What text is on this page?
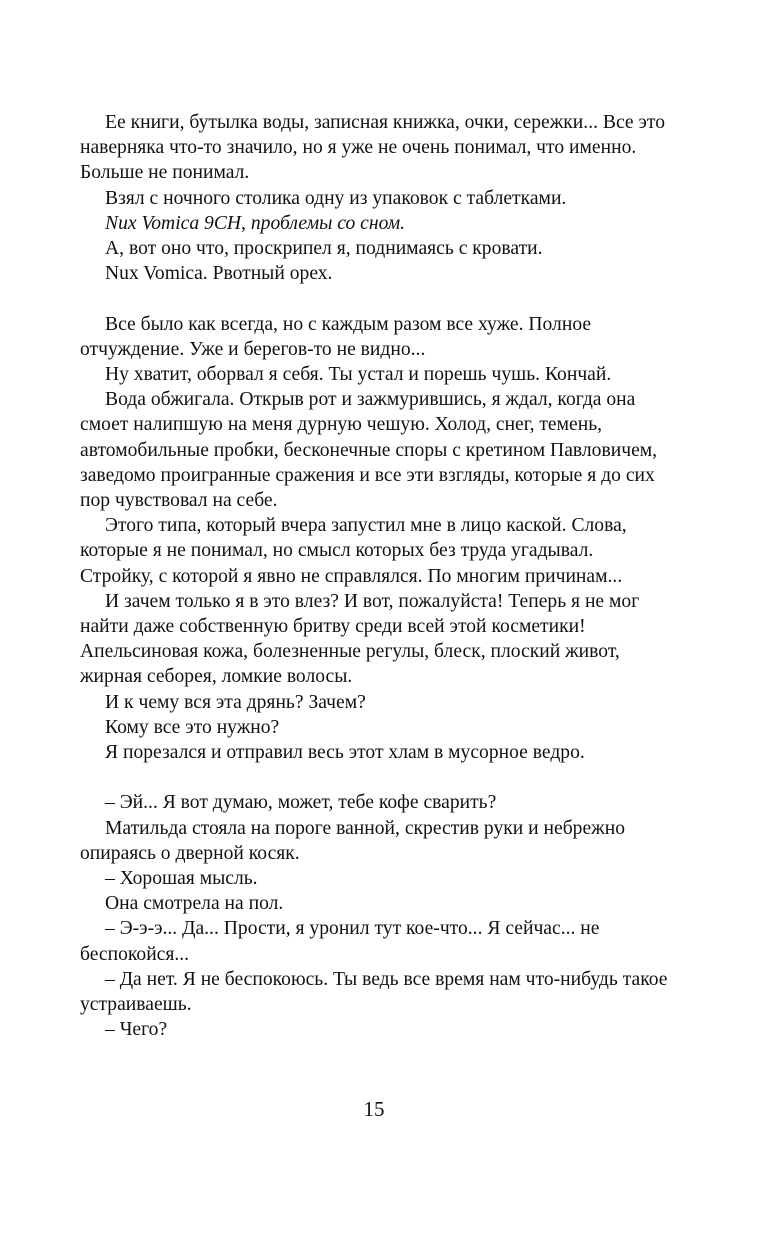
Ее книги, бутылка воды, записная книжка, очки, сережки... Все это наверняка что-то значило, но я уже не очень понимал, что именно. Больше не понимал.

Взял с ночного столика одну из упаковок с таблетками.

Nux Vomica 9CH, проблемы со сном.

А, вот оно что, проскрипел я, поднимаясь с кровати.

Nux Vomica. Рвотный орех.

Все было как всегда, но с каждым разом все хуже. Полное отчуждение. Уже и берегов-то не видно...

Ну хватит, оборвал я себя. Ты устал и порешь чушь. Кончай.

Вода обжигала. Открыв рот и зажмурившись, я ждал, когда она смоет налипшую на меня дурную чешую. Холод, снег, темень, автомобильные пробки, бесконечные споры с кретином Павловичем, заведомо проигранные сражения и все эти взгляды, которые я до сих пор чувствовал на себе.

Этого типа, который вчера запустил мне в лицо каской. Слова, которые я не понимал, но смысл которых без труда угадывал. Стройку, с которой я явно не справлялся. По многим причинам...

И зачем только я в это влез? И вот, пожалуйста! Теперь я не мог найти даже собственную бритву среди всей этой косметики! Апельсиновая кожа, болезненные регулы, блеск, плоский живот, жирная себорея, ломкие волосы.

И к чему вся эта дрянь? Зачем?

Кому все это нужно?

Я порезался и отправил весь этот хлам в мусорное ведро.

– Эй... Я вот думаю, может, тебе кофе сварить?

Матильда стояла на пороге ванной, скрестив руки и небрежно опираясь о дверной косяк.

– Хорошая мысль.

Она смотрела на пол.

– Э-э-э... Да... Прости, я уронил тут кое-что... Я сейчас... не беспокойся...

– Да нет. Я не беспокоюсь. Ты ведь все время нам что-нибудь такое устраиваешь.

– Чего?

15
